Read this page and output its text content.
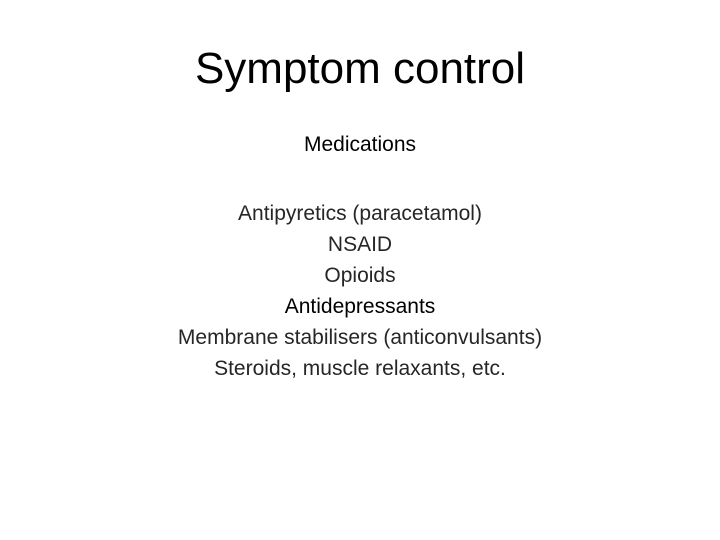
Symptom control

Medications

Antipyretics (paracetamol)
NSAID
Opioids
Antidepressants
Membrane stabilisers (anticonvulsants)
Steroids, muscle relaxants, etc.
